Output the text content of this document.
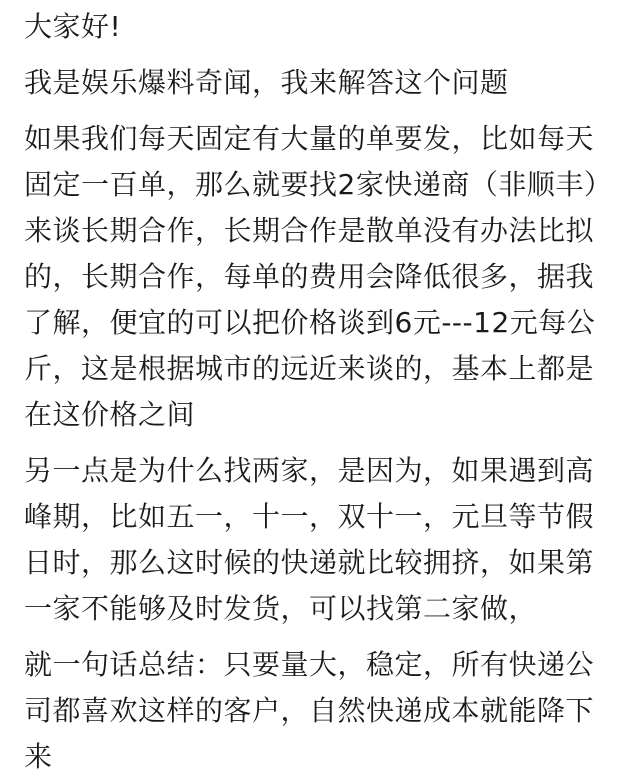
大家好!

我是娱乐爆料奇闻，我来解答这个问题

如果我们每天固定有大量的单要发，比如每天固定一百单，那么就要找2家快递商（非顺丰）来谈长期合作，长期合作是散单没有办法比拟的，长期合作，每单的费用会降低很多，据我了解，便宜的可以把价格谈到6元---12元每公斤，这是根据城市的远近来谈的，基本上都是在这价格之间

另一点是为什么找两家，是因为，如果遇到高峰期，比如五一，十一，双十一，元旦等节假日时，那么这时候的快递就比较拥挤，如果第一家不能够及时发货，可以找第二家做，

就一句话总结：只要量大，稳定，所有快递公司都喜欢这样的客户，自然快递成本就能降下来
